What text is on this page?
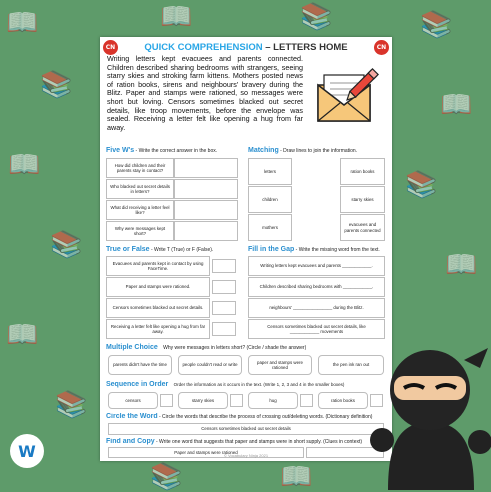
📖
📚
📖
📚
📖
📚
📚
📖
📚
📖
📖	📚
📚	📖
CN	CN
QUICK COMPREHENSION – LETTERS HOME
Writing letters kept evacuees and parents connected. Children described sharing bedrooms with strangers, seeing starry skies and stroking farm kittens. Mothers posted news of ration books, sirens and neighbours' bravery during the Blitz. Paper and stamps were rationed, so messages were short but loving. Censors sometimes blacked out secret details, like troop movements, before the envelope was sealed. Receiving a letter felt like opening a hug from far away.
Five W's - Write the correct answer in the box.
How did children and their parents stay in contact?
Who blacked out secret details in letters?
What did receiving a letter feel like?
Why were messages kept short?
Matching - Draw lines to join the information.
letters
children
mothers
ration books
starry skies
evacuees and parents connected
True or False - Write T (True) or F (False).
Evacuees and parents kept in contact by using FaceTime.
Paper and stamps were rationed.
Censors sometimes blacked out secret details.
Receiving a letter felt like opening a hug from far away.
Fill in the Gap - Write the missing word from the text.
Writing letters kept evacuees and parents ____________.
Children described sharing bedrooms with ____________.
neighbours' ________________ during the Blitz.
Censors sometimes blacked out secret details, like ____________ movements
Multiple Choice Why were messages in letters short? (Circle / shade the answer)
parents didn't have the time	people couldn't read or write
paper and stamps were rationed
the pen ink ran out
Sequence in Order Order the information as it occurs in the text. (Write 1, 2, 3 and 4 in the smaller boxes)
censors	starry skies	hug	ration books
Circle the Word - Circle the words that describe the process of crossing out/deleting words. (Dictionary definition)
Censors sometimes blacked out secret details
Find and Copy - Write one word that suggests that paper and stamps were in short supply. (Clues in context)
Paper and stamps were rationed
© Vocabulary Ninja 2021
W
